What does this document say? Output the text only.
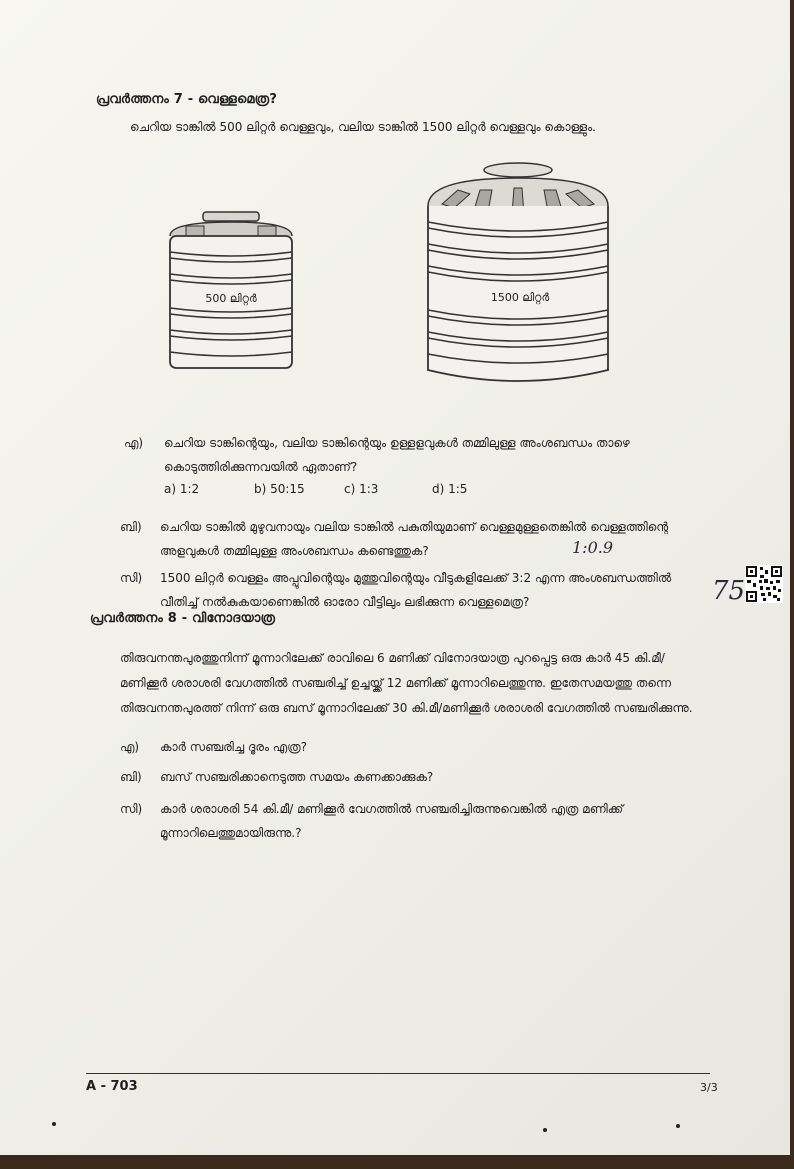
പ്രവർത്തനം 7 - വെള്ളമെത്ര?
ചെറിയ ടാങ്കിൽ 500 ലിറ്റർ വെള്ളവും, വലിയ ടാങ്കിൽ 1500 ലിറ്റർ വെള്ളവും കൊള്ളും.
500 ലിറ്റർ	1500 ലിറ്റർ
എ) ചെറിയ ടാങ്കിന്റെയും, വലിയ ടാങ്കിന്റെയും ഉള്ളളവുകൾ തമ്മിലുള്ള അംശബന്ധം താഴെ കൊടുത്തിരിക്കുന്നവയിൽ ഏതാണ്?
a) 1:2	b) 50:15	c) 1:3	d) 1:5
ബി) ചെറിയ ടാങ്കിൽ മുഴുവനായും വലിയ ടാങ്കിൽ പകുതിയുമാണ് വെള്ളമുള്ളതെങ്കിൽ വെള്ളത്തിന്റെ അളവുകൾ തമ്മിലുള്ള അംശബന്ധം കണ്ടെത്തുക?	1:0.9
സി) 1500 ലിറ്റർ വെള്ളം അപ്പുവിന്റെയും മുത്തുവിന്റെയും വീടുകളിലേക്ക് 3:2 എന്ന അംശബന്ധത്തിൽ വീതിച്ച് നൽകുകയാണെങ്കിൽ ഓരോ വീട്ടിലും ലഭിക്കുന്ന വെള്ളമെത്ര?	75
പ്രവർത്തനം 8 - വിനോദയാത്ര
തിരുവനന്തപുരത്തുനിന്ന് മൂന്നാറിലേക്ക് രാവിലെ 6 മണിക്ക് വിനോദയാത്ര പുറപ്പെട്ട ഒരു കാർ 45 കി.മീ/മണിക്കൂർ ശരാശരി വേഗത്തിൽ സഞ്ചരിച്ച് ഉച്ചയ്ക്ക് 12 മണിക്ക് മൂന്നാറിലെത്തുന്നു. ഇതേസമയത്തു തന്നെ തിരുവനന്തപുരത്ത് നിന്ന് ഒരു ബസ് മൂന്നാറിലേക്ക് 30 കി.മീ/മണിക്കൂർ ശരാശരി വേഗത്തിൽ സഞ്ചരിക്കുന്നു.
എ) കാർ സഞ്ചരിച്ച ദൂരം എത്ര?
ബി) ബസ് സഞ്ചരിക്കാനെടുത്ത സമയം കണക്കാക്കുക?
സി) കാർ ശരാശരി 54 കി.മീ/ മണിക്കൂർ വേഗത്തിൽ സഞ്ചരിച്ചിരുന്നുവെങ്കിൽ എത്ര മണിക്ക് മൂന്നാറിലെത്തുമായിരുന്നു.?
A - 703	3/3
